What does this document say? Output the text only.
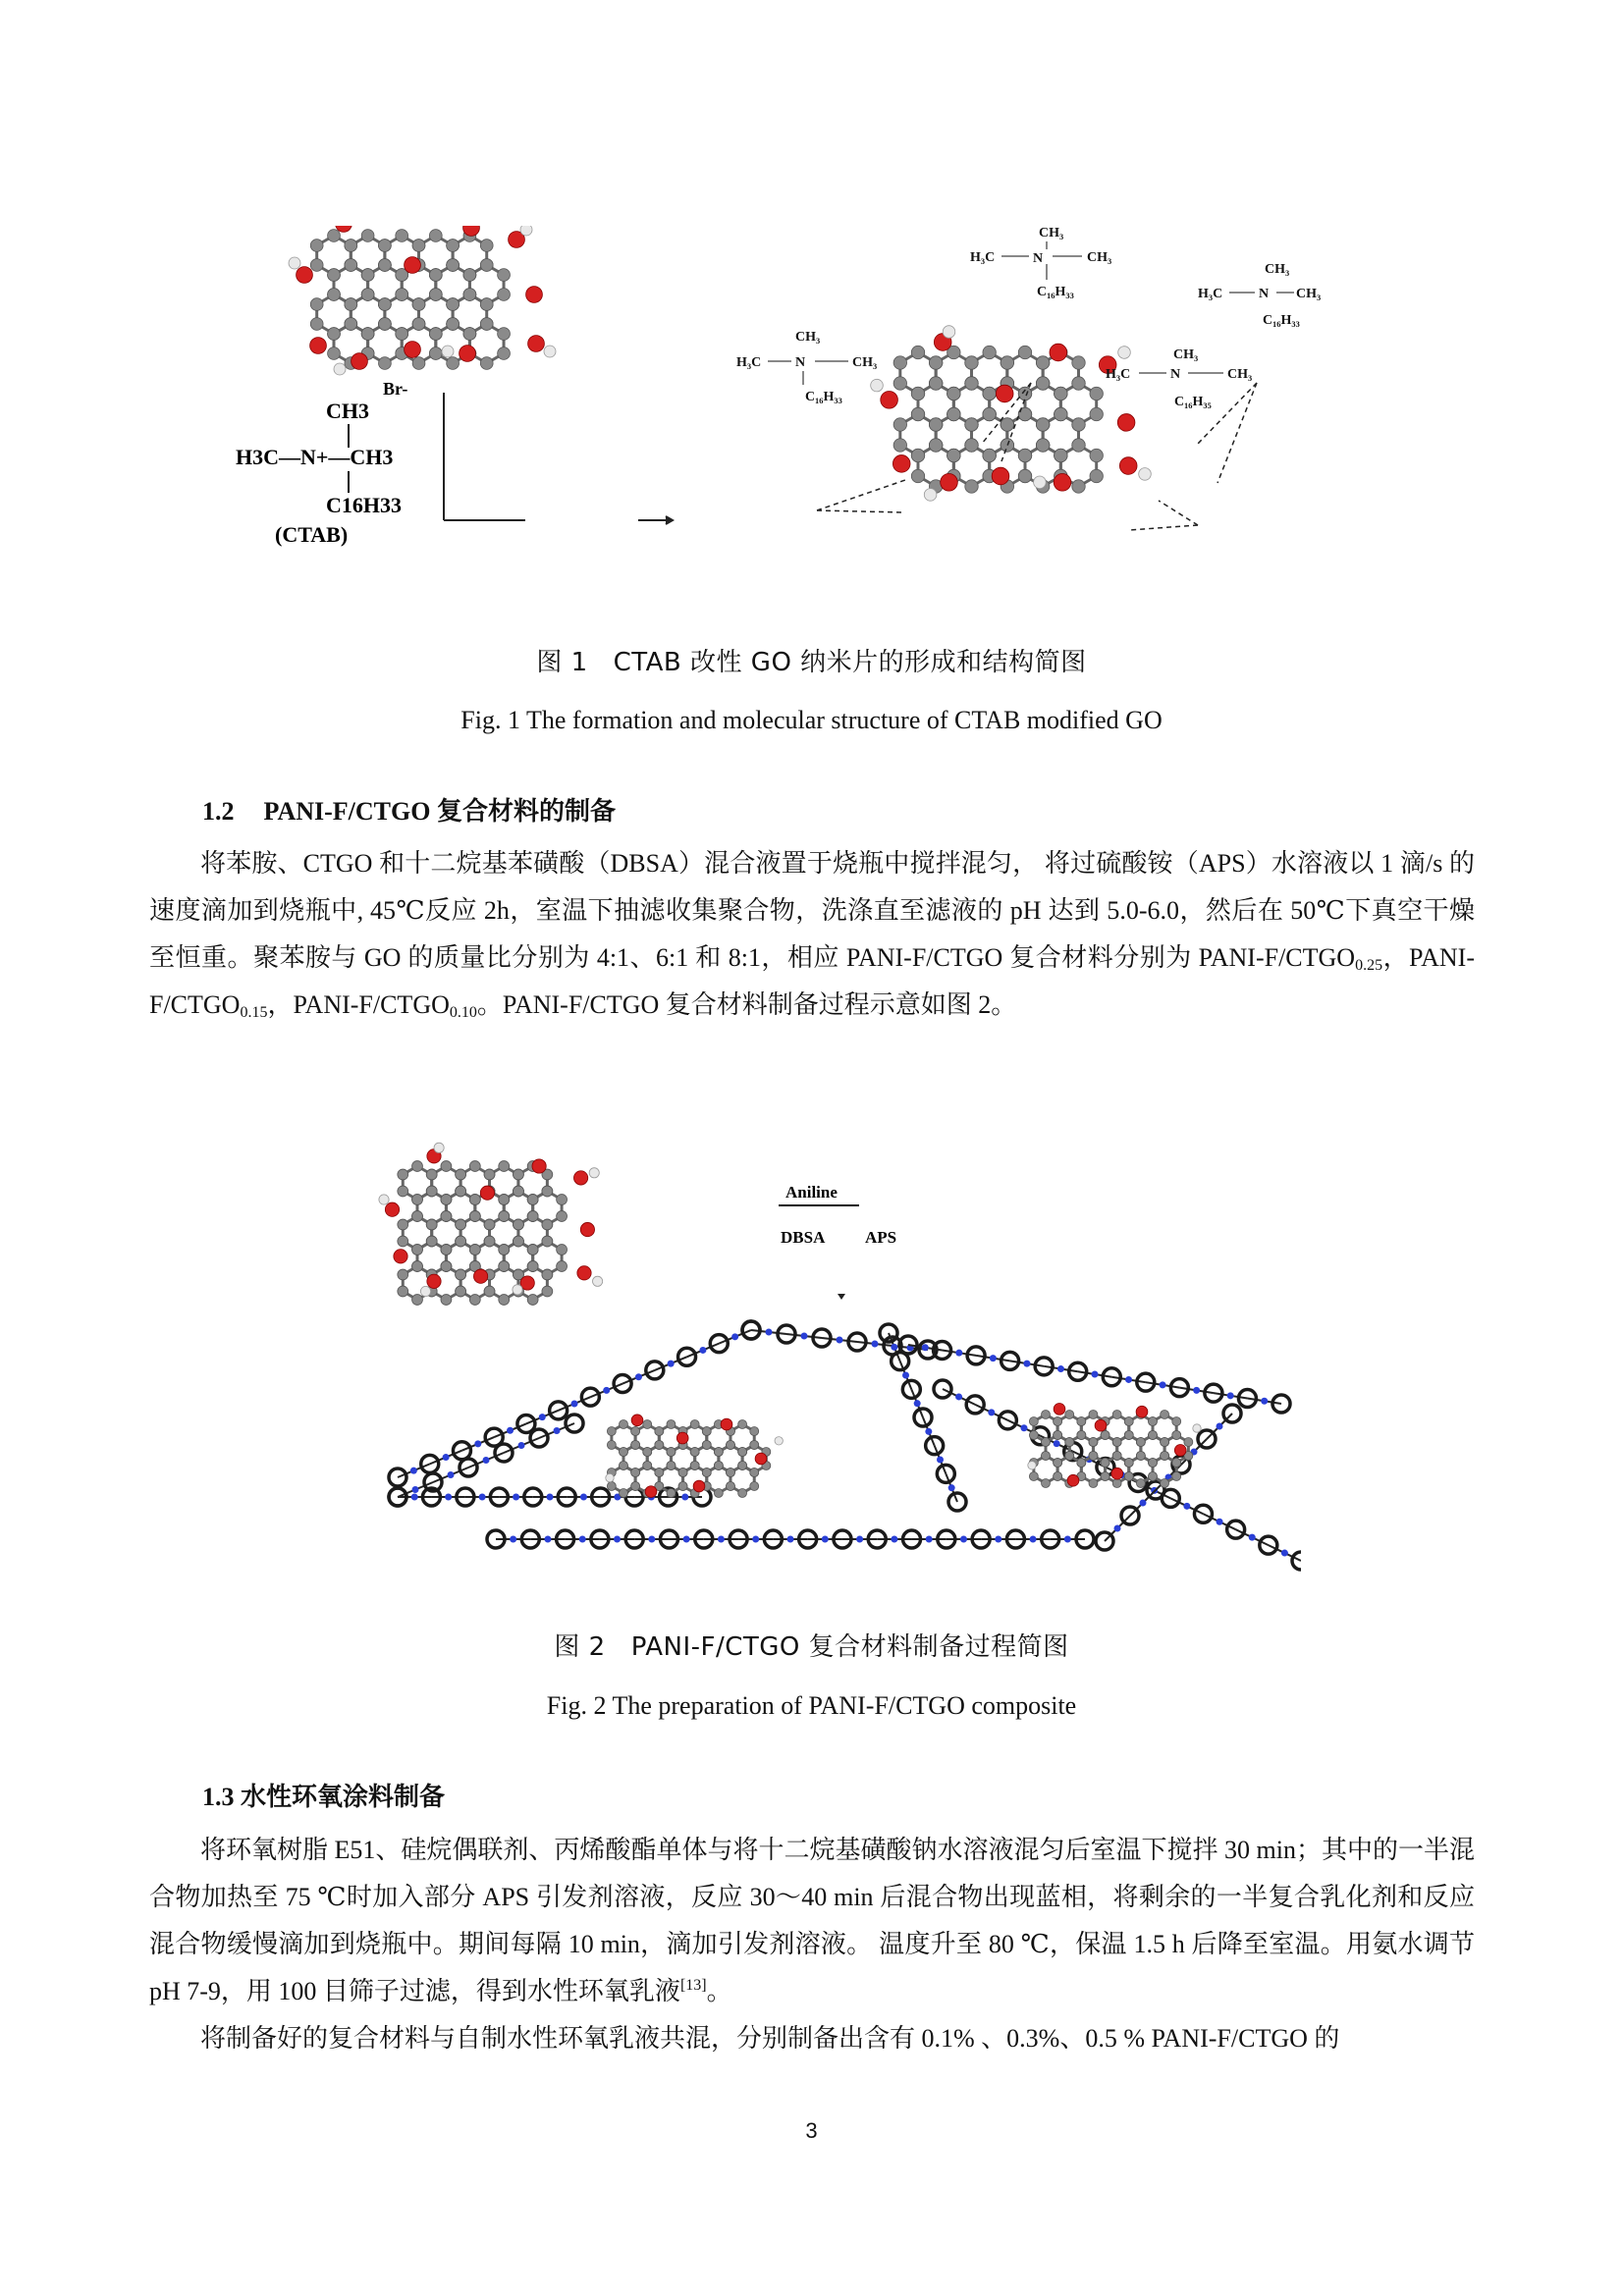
CH3
Br-
H3C—N+—CH3
C16H33
(CTAB)
CH₃
H₃C	N	CH₃
C₁₆H₃₃
CH₃
H₃C	N CH₃
C₁₆H₃₃
CH₃
H₃C N	CH₃
C₁₆H₃₃
CH₃
H₃C	N	CH₃
C₁₆H₃₅
图 1 CTAB 改性 GO 纳米片的形成和结构简图
Fig. 1 The formation and molecular structure of CTAB modified GO
1.2 PANI-F/CTGO 复合材料的制备
将苯胺、CTGO 和十二烷基苯磺酸（DBSA）混合液置于烧瓶中搅拌混匀， 将过硫酸铵（APS）水溶液以 1 滴/s 的速度滴加到烧瓶中, 45℃反应 2h，室温下抽滤收集聚合物，洗涤直至滤液的 pH 达到 5.0-6.0，然后在 50℃下真空干燥至恒重。聚苯胺与 GO 的质量比分别为 4:1、6:1 和 8:1，相应 PANI-F/CTGO 复合材料分别为 PANI-$F/CTGO_{0.25}$，PANI-$F/CTGO_{0.15}$，PANI-$F/CTGO_{0.10}$。PANI-F/CTGO 复合材料制备过程示意如图 2。
Aniline
DBSA APS
图 2 PANI-F/CTGO 复合材料制备过程简图
Fig. 2 The preparation of PANI-F/CTGO composite
1.3 水性环氧涂料制备
将环氧树脂 E51、硅烷偶联剂、丙烯酸酯单体与将十二烷基磺酸钠水溶液混匀后室温下搅拌 30 min；其中的一半混合物加热至 75 ℃时加入部分 APS 引发剂溶液，反应 30～40 min 后混合物出现蓝相，将剩余的一半复合乳化剂和反应混合物缓慢滴加到烧瓶中。期间每隔 10 min，滴加引发剂溶液。 温度升至 80 ℃，保温 1.5 h 后降至室温。用氨水调节 pH 7-9，用 100 目筛子过滤，得到水性环氧乳液[13]。
将制备好的复合材料与自制水性环氧乳液共混，分别制备出含有 0.1% 、0.3%、0.5 % PANI-F/CTGO 的
3
